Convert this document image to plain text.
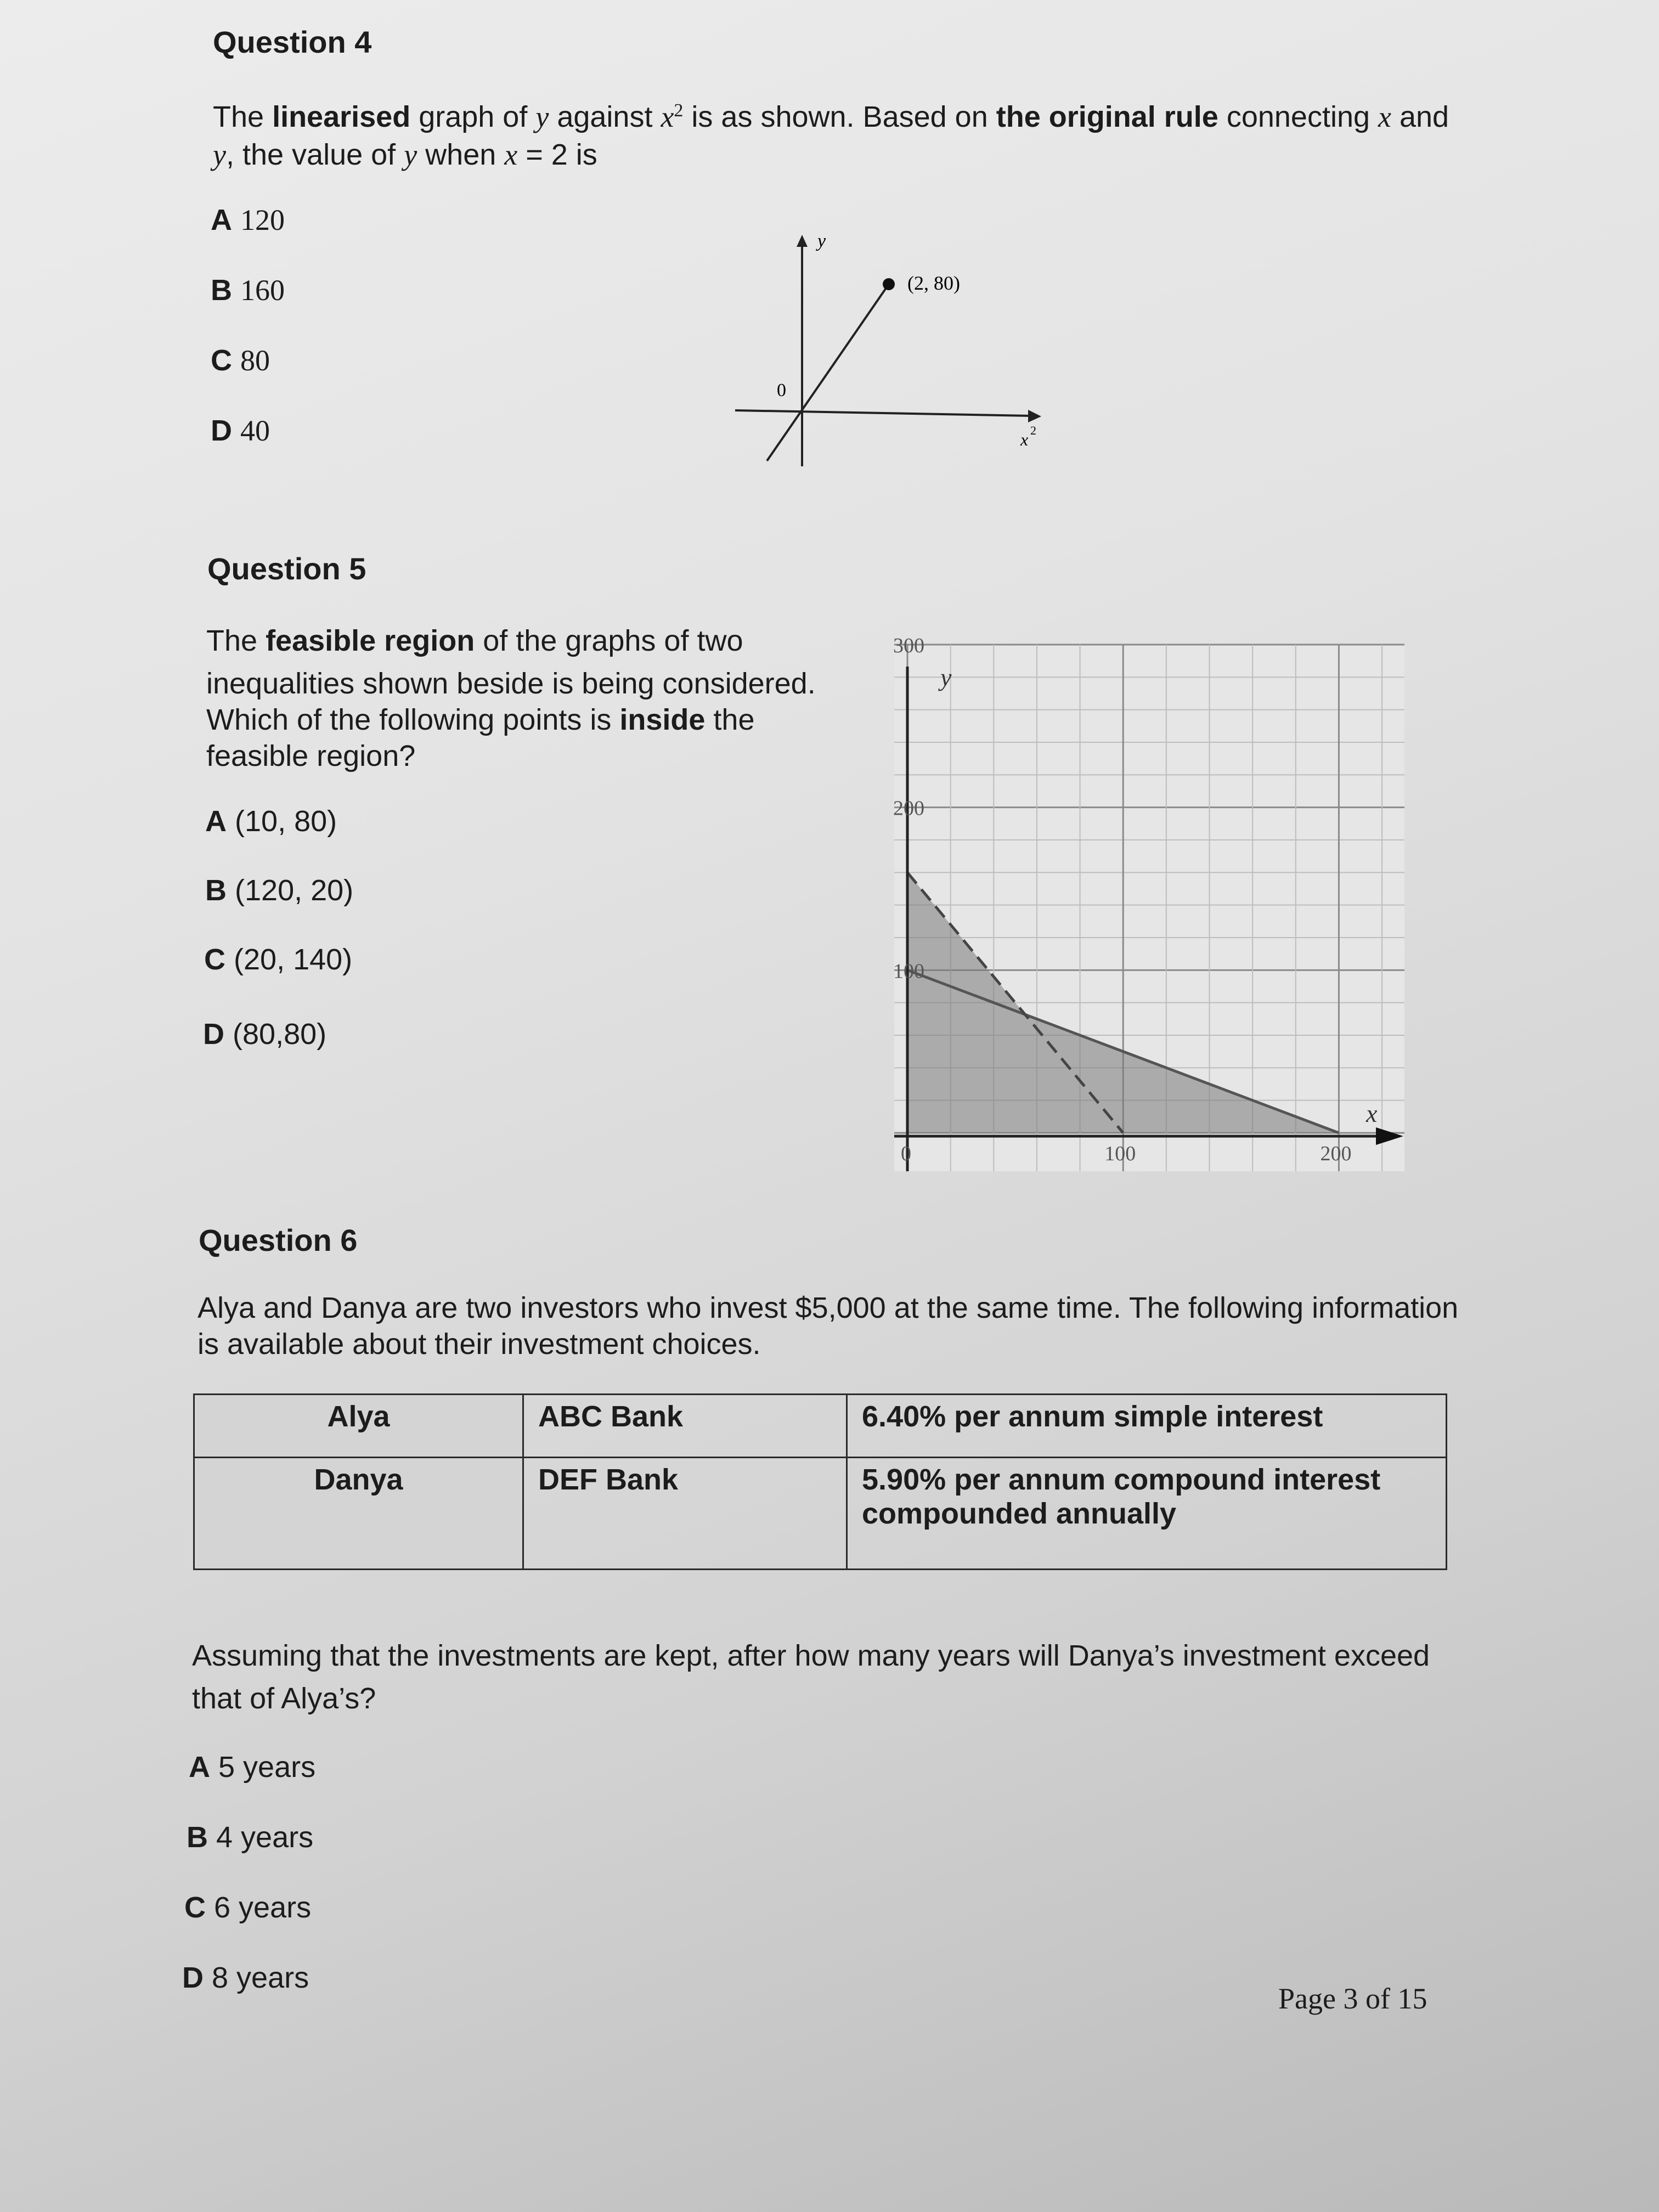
Question 4
The linearised graph of y against $x^2$ is as shown. Based on the original rule connecting x and
y, the value of y when x = 2 is
A 120
B 160
C 80
D 40
y
0
(2, 80)
x 2
Question 5
The feasible region of the graphs of two
inequalities shown beside is being considered.
Which of the following points is inside the
feasible region?
A (10, 80)
B (120, 20)
C (20, 140)
D (80,80)
100
200
300
0	100	200
y
x
Question 6
Alya and Danya are two investors who invest $5,000 at the same time. The following information
is available about their investment choices.
Alya	ABC Bank	6.40% per annum simple interest

Danya	DEF Bank	5.90% per annum compound interest
compounded annually
Assuming that the investments are kept, after how many years will Danya’s investment exceed
that of Alya’s?
A 5 years
B 4 years
C 6 years
D 8 years
Page 3 of 15
